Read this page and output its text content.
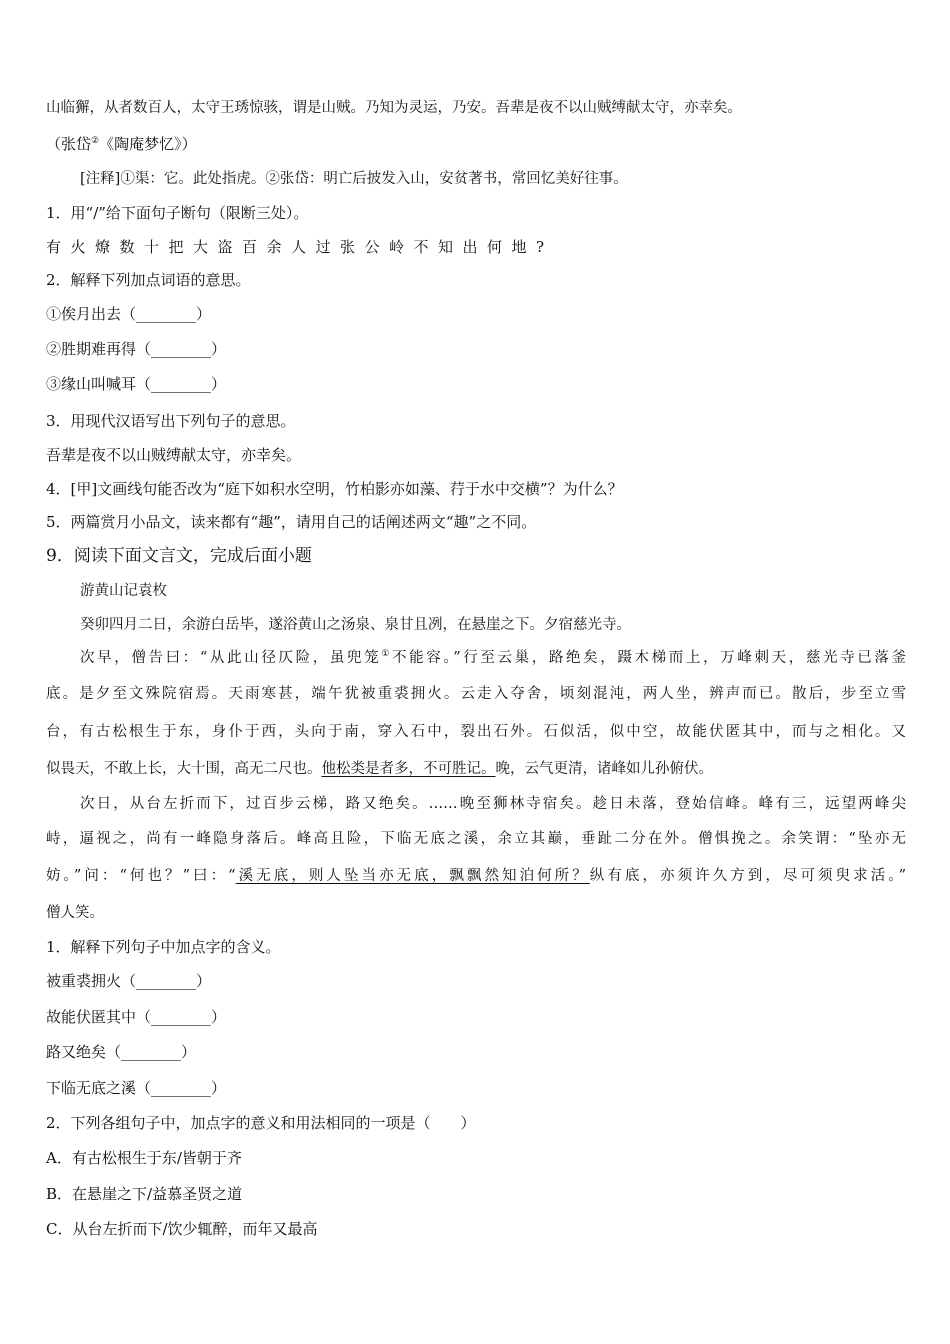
山临獬，从者数百人，太守王琇惊骇，谓是山贼。乃知为灵运，乃安。吾辈是夜不以山贼缚献太守，亦幸矣。
（张岱②《陶庵梦忆》）
[注释]①渠：它。此处指虎。②张岱：明亡后披发入山，安贫著书，常回忆美好往事。
1．用“/”给下面句子断句（限断三处）。
有火燎数十把大盗百余人过张公岭不知出何地?
2．解释下列加点词语的意思。
①俟月出去（________）
②胜期难再得（________）
③缘山叫喊耳（________）
3．用现代汉语写出下列句子的意思。
吾辈是夜不以山贼缚献太守，亦幸矣。
4．[甲]文画线句能否改为“庭下如积水空明，竹柏影亦如藻、荇于水中交横”？为什么？
5．两篇赏月小品文，读来都有“趣”，请用自己的话阐述两文“趣”之不同。
9．阅读下面文言文，完成后面小题
游黄山记袁枚
癸卯四月二日，余游白岳毕，遂浴黄山之汤泉、泉甘且冽，在悬崖之下。夕宿慈光寺。
次早，僧告曰：“从此山径仄险，虽兜笼①不能容。”行至云巢，路绝矣，蹑木梯而上，万峰刺天，慈光寺已落釜
底。是夕至文殊院宿焉。天雨寒甚，端午犹被重裘拥火。云走入夺舍，顷刻混沌，两人坐，辨声而已。散后，步至立雪
台，有古松根生于东，身仆于西，头向于南，穿入石中，裂出石外。石似活，似中空，故能伏匿其中，而与之相化。又
似畏天，不敢上长，大十围，高无二尺也。他松类是者多，不可胜记。晚，云气更清，诸峰如儿孙俯伏。
次日，从台左折而下，过百步云梯，路又绝矣。……晚至狮林寺宿矣。趁日未落，登始信峰。峰有三，远望两峰尖
峙，逼视之，尚有一峰隐身落后。峰高且险，下临无底之溪，余立其巅，垂趾二分在外。僧惧挽之。余笑谓：“坠亦无
妨。”问：“何也？”曰：“溪无底，则人坠当亦无底，飘飘然知泊何所？纵有底，亦须许久方到，尽可须臾求活。”
僧人笑。
1．解释下列句子中加点字的含义。
被重裘拥火（________）
故能伏匿其中（________）
路又绝矣（________）
下临无底之溪（________）
2．下列各组句子中，加点字的意义和用法相同的一项是（　　）
A．有古松根生于东/皆朝于齐
B．在悬崖之下/益慕圣贤之道
C．从台左折而下/饮少辄醉，而年又最高
